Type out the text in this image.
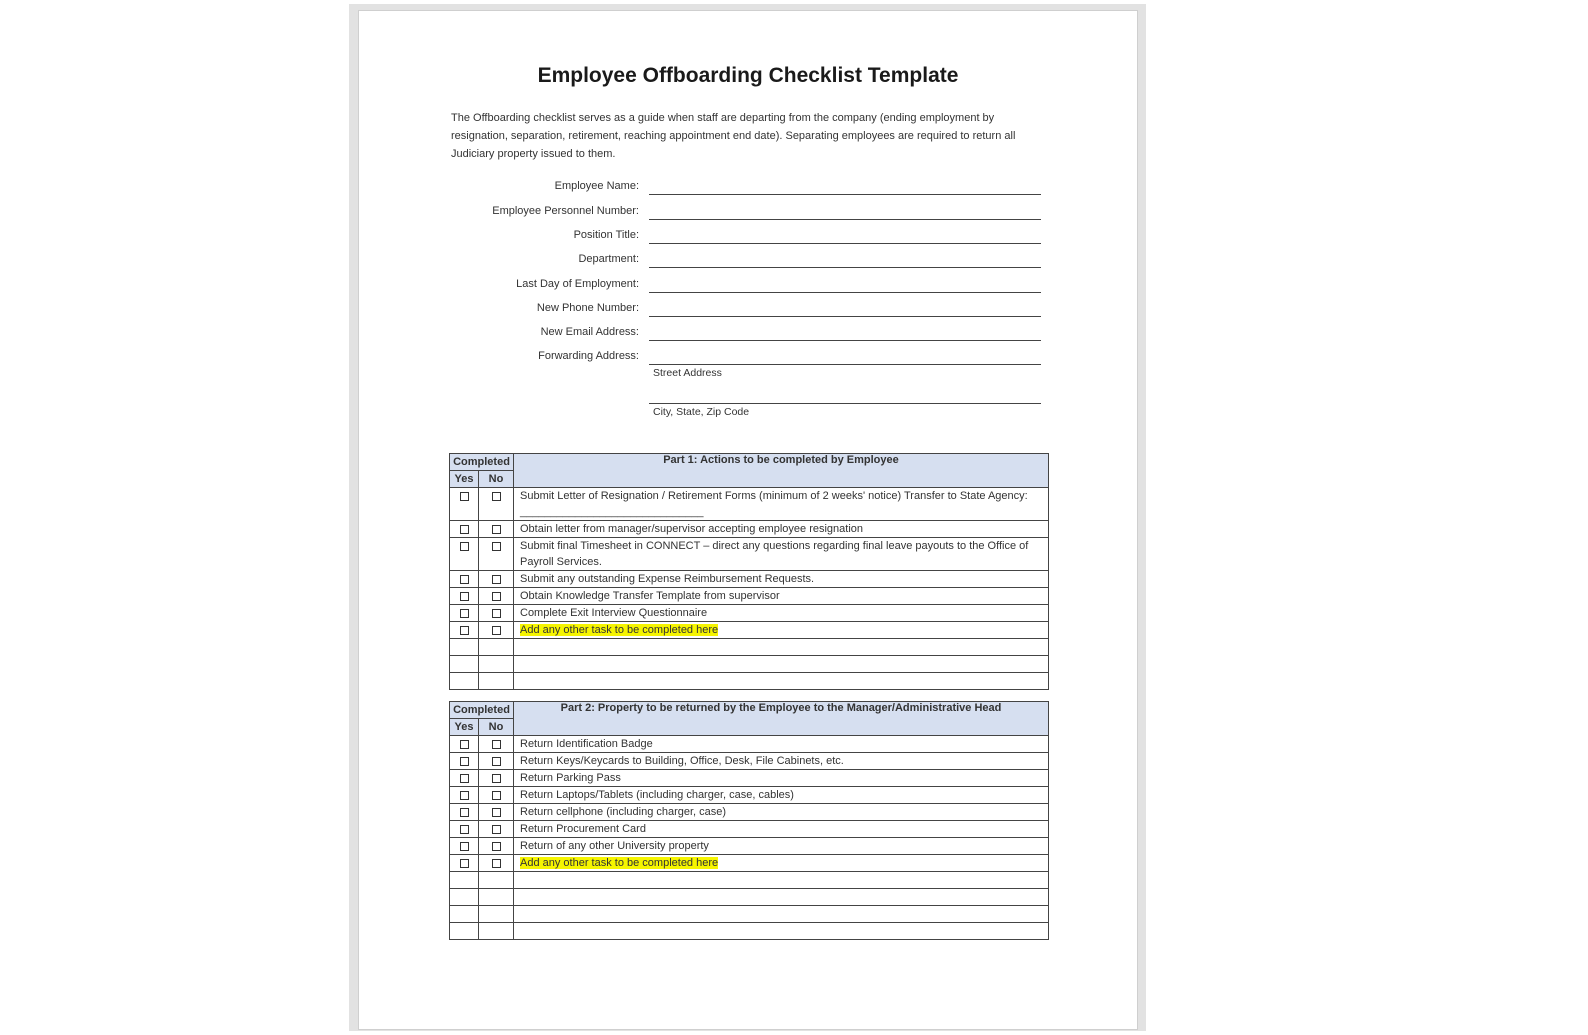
Employee Offboarding Checklist Template
The Offboarding checklist serves as a guide when staff are departing from the company (ending employment by resignation, separation, retirement, reaching appointment end date). Separating employees are required to return all Judiciary property issued to them.
Employee Name:
Employee Personnel Number:
Position Title:
Department:
Last Day of Employment:
New Phone Number:
New Email Address:
Forwarding Address:
Street Address
City, State, Zip Code
Completed		Part 1: Actions to be completed by Employee
Yes	No	
		Submit Letter of Resignation / Retirement Forms (minimum of 2 weeks' notice) Transfer to State Agency: ______________________________
		Obtain letter from manager/supervisor accepting employee resignation
		Submit final Timesheet in CONNECT – direct any questions regarding final leave payouts to the Office of Payroll Services.
		Submit any outstanding Expense Reimbursement Requests.
		Obtain Knowledge Transfer Template from supervisor
		Complete Exit Interview Questionnaire
		Add any other task to be completed here

Completed		Part 2: Property to be returned by the Employee to the Manager/Administrative Head
Yes	No	
		Return Identification Badge
		Return Keys/Keycards to Building, Office, Desk, File Cabinets, etc.
		Return Parking Pass
		Return Laptops/Tablets (including charger, case, cables)
		Return cellphone (including charger, case)
		Return Procurement Card
		Return of any other University property
		Add any other task to be completed here
